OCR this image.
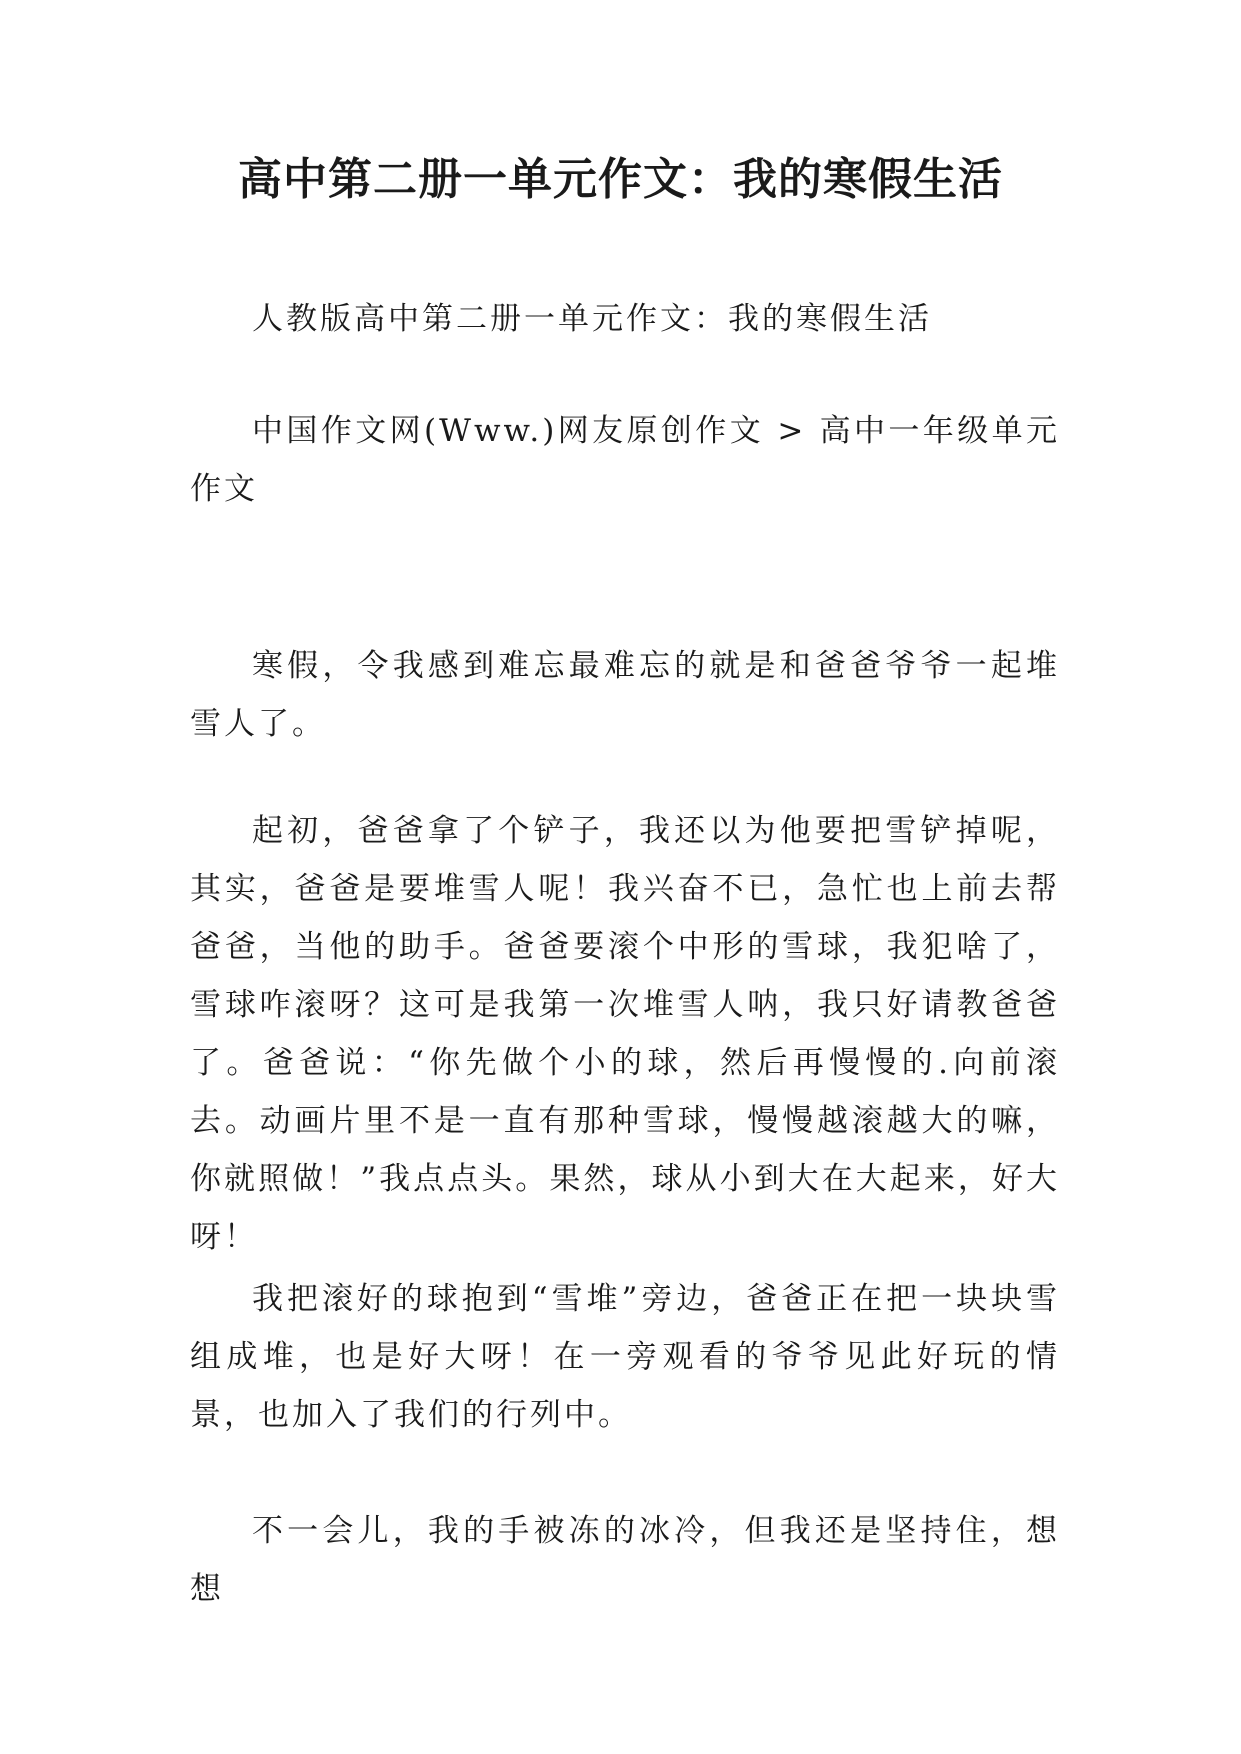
高中第二册一单元作文：我的寒假生活

人教版高中第二册一单元作文：我的寒假生活

中国作文网(Www.)网友原创作文 > 高中一年级单元作文

寒假，令我感到难忘最难忘的就是和爸爸爷爷一起堆雪人了。

起初，爸爸拿了个铲子，我还以为他要把雪铲掉呢，其实，爸爸是要堆雪人呢！我兴奋不已，急忙也上前去帮爸爸，当他的助手。爸爸要滚个中形的雪球，我犯啥了，雪球咋滚呀？这可是我第一次堆雪人呐，我只好请教爸爸了。爸爸说：“你先做个小的球，然后再慢慢的.向前滚去。动画片里不是一直有那种雪球，慢慢越滚越大的嘛，你就照做！”我点点头。果然，球从小到大在大起来，好大呀！

我把滚好的球抱到“雪堆”旁边，爸爸正在把一块块雪组成堆，也是好大呀！在一旁观看的爷爷见此好玩的情景，也加入了我们的行列中。

不一会儿，我的手被冻的冰冷，但我还是坚持住，想想
